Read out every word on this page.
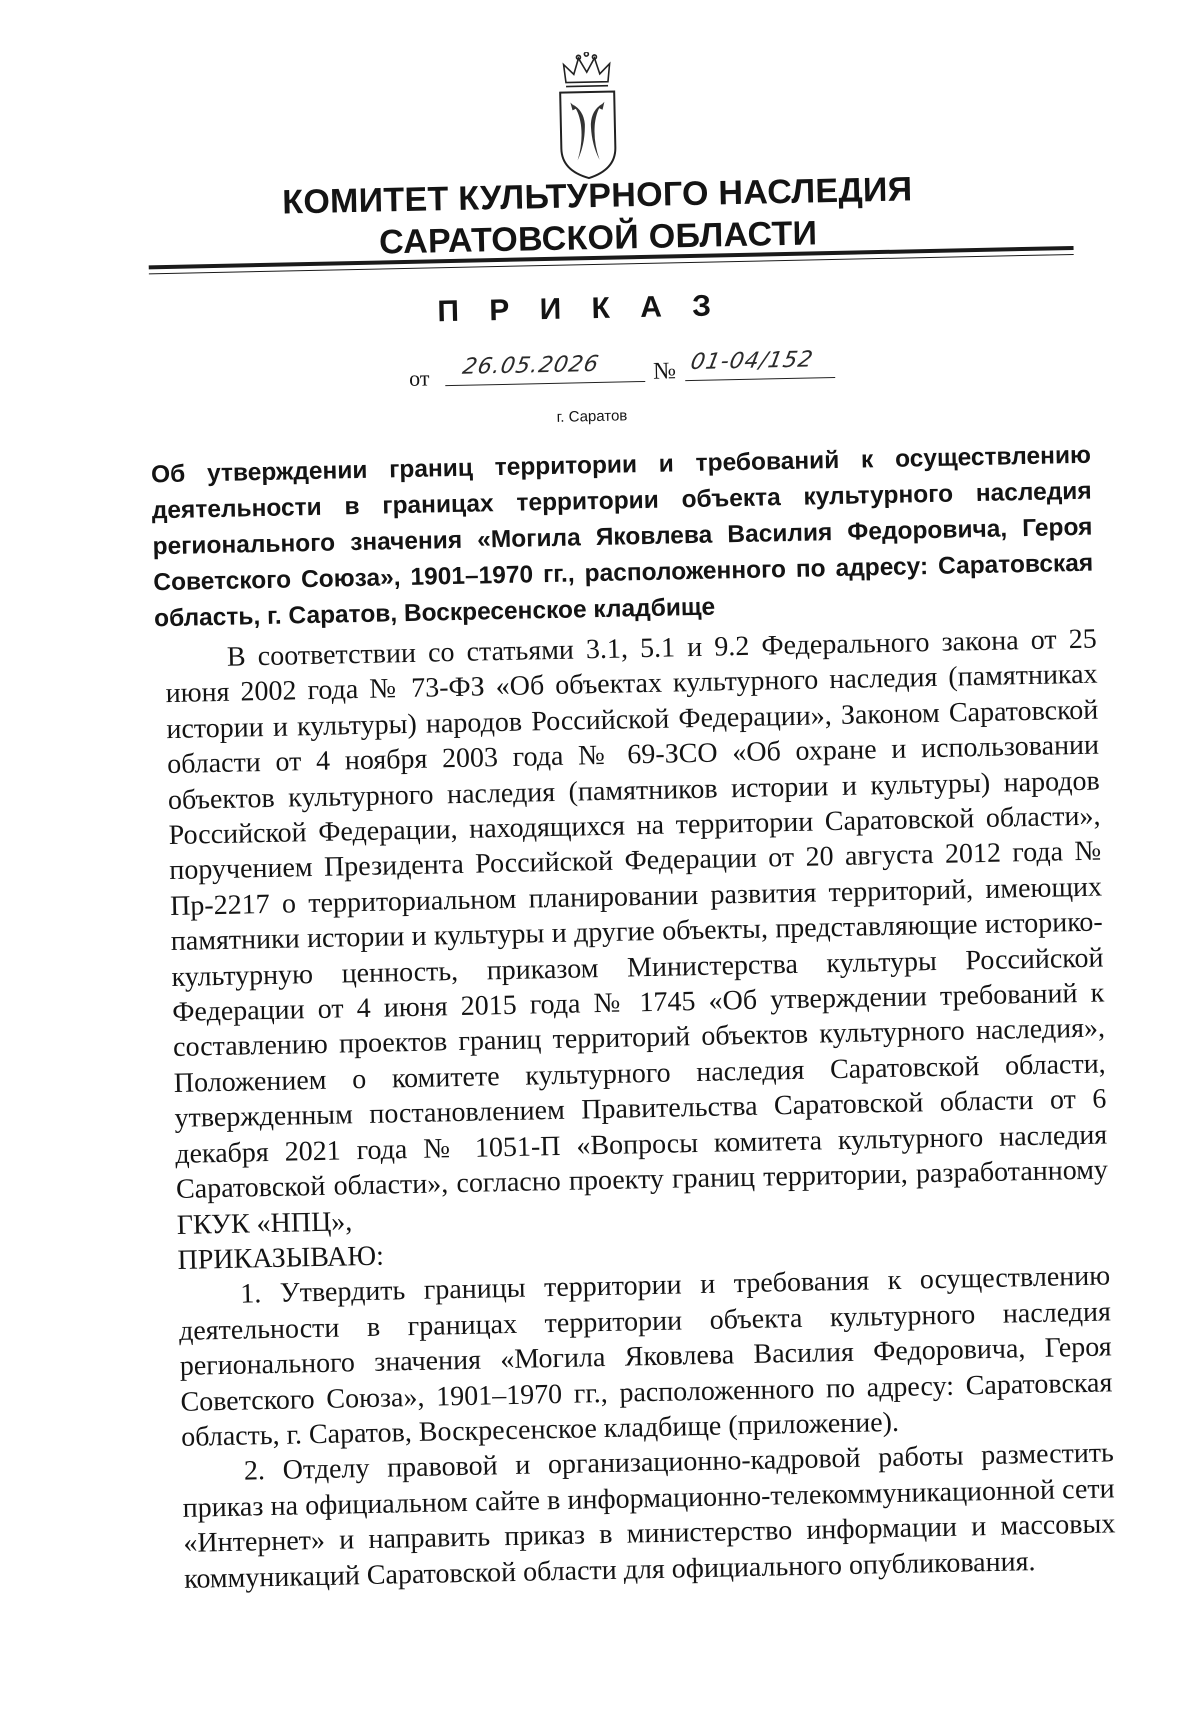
КОМИТЕТ КУЛЬТУРНОГО НАСЛЕДИЯ
САРАТОВСКОЙ ОБЛАСТИ
П Р И К А З
от 26.05.2026 № 01-04/152
г. Саратов
Об утверждении границ территории и требований к осуществлению деятельности в границах территории объекта культурного наследия регионального значения «Могила Яковлева Василия Федоровича, Героя Советского Союза», 1901–1970 гг., расположенного по адресу: Саратовская область, г. Саратов, Воскресенское кладбище

В соответствии со статьями 3.1, 5.1 и 9.2 Федерального закона от 25 июня 2002 года № 73-ФЗ «Об объектах культурного наследия (памятниках истории и культуры) народов Российской Федерации», Законом Саратовской области от 4 ноября 2003 года № 69-ЗСО «Об охране и использовании объектов культурного наследия (памятников истории и культуры) народов Российской Федерации, находящихся на территории Саратовской области», поручением Президента Российской Федерации от 20 августа 2012 года № Пр-2217 о территориальном планировании развития территорий, имеющих памятники истории и культуры и другие объекты, представляющие историко-культурную ценность, приказом Министерства культуры Российской Федерации от 4 июня 2015 года № 1745 «Об утверждении требований к составлению проектов границ территорий объектов культурного наследия», Положением о комитете культурного наследия Саратовской области, утвержденным постановлением Правительства Саратовской области от 6 декабря 2021 года № 1051-П «Вопросы комитета культурного наследия Саратовской области», согласно проекту границ территории, разработанному ГКУК «НПЦ»,

ПРИКАЗЫВАЮ:

1. Утвердить границы территории и требования к осуществлению деятельности в границах территории объекта культурного наследия регионального значения «Могила Яковлева Василия Федоровича, Героя Советского Союза», 1901–1970 гг., расположенного по адресу: Саратовская область, г. Саратов, Воскресенское кладбище (приложение).

2. Отделу правовой и организационно-кадровой работы разместить приказ на официальном сайте в информационно-телекоммуникационной сети «Интернет» и направить приказ в министерство информации и массовых коммуникаций Саратовской области для официального опубликования.
